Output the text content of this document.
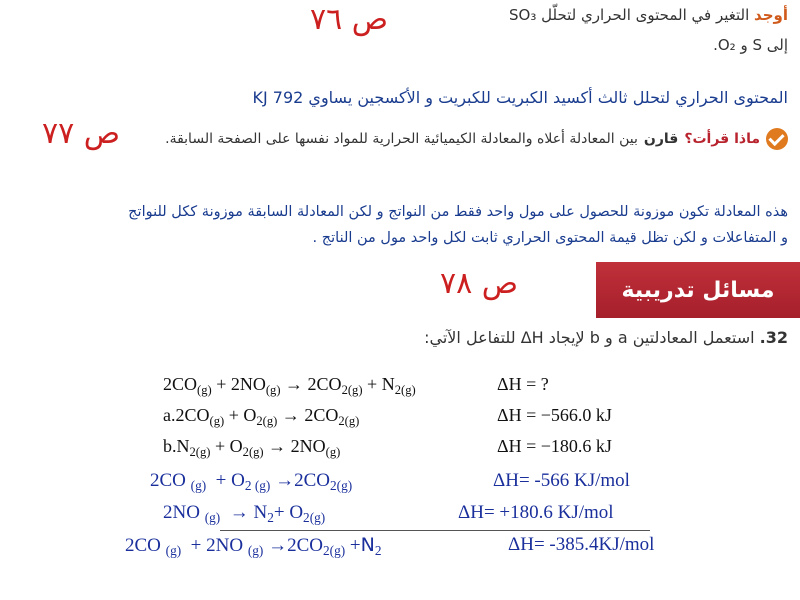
ص ٧٦	أوجد التغير في المحتوى الحراري لتحلّل SO₃
إلى S و O₂.
المحتوى الحراري لتحلل ثالث أكسيد الكبريت للكبريت و الأكسجين يساوي 792 KJ
ص ٧٧	ماذا قرأت؟
قارن
بين المعادلة أعلاه والمعادلة الكيميائية الحرارية للمواد نفسها على الصفحة السابقة.
هذه المعادلة تكون موزونة للحصول على مول واحد فقط من النواتج و لكن المعادلة السابقة موزونة ككل للنواتج
و المتفاعلات و لكن تظل قيمة المحتوى الحراري ثابت لكل واحد مول من الناتج .
ص ٧٨	مسائل تدريبية
32. استعمل المعادلتين a و b لإيجاد ΔH للتفاعل الآتي:
$2CO_{(g)} + 2NO_{(g)} \to 2CO_{2(g)} + N_{2(g)}$	ΔH = ?
$a.2CO_{(g)} + O_{2(g)} \to 2CO_{2(g)}$	ΔH = −566.0 kJ
$b.N_{2(g)} + O_{2(g)} \to 2NO_{(g)}$	ΔH = −180.6 kJ
2CO $_{(g)} + O_{2 (g)} \to 2CO_{2(g)}$	ΔH= -566 KJ/mol
2NO $_{(g)} \to N_2+ O_{2(g)}$	ΔH= +180.6 KJ/mol
2CO $_{(g)}$  + 2NO $_{(g)} \to 2CO_{2(g)} +N_2$	ΔH= -385.4KJ/mol
